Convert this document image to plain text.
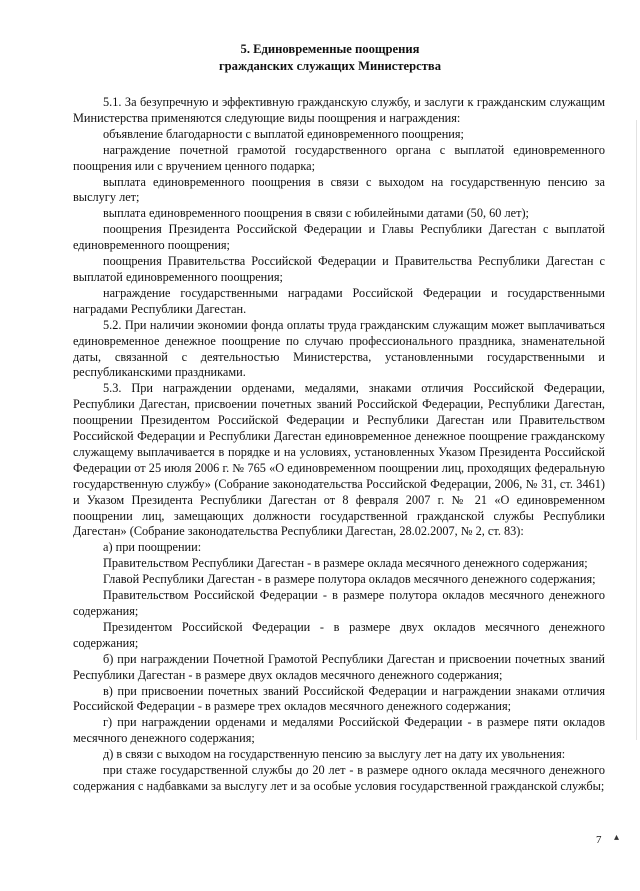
5. Единовременные поощрения
гражданских служащих Министерства

5.1. За безупречную и эффективную гражданскую службу, и заслуги к гражданским служащим Министерства применяются следующие виды поощрения и награждения:

объявление благодарности с выплатой единовременного поощрения;

награждение почетной грамотой государственного органа с выплатой единовременного поощрения или с вручением ценного подарка;

выплата единовременного поощрения в связи с выходом на государственную пенсию за выслугу лет;

выплата единовременного поощрения в связи с юбилейными датами (50, 60 лет);

поощрения Президента Российской Федерации и Главы Республики Дагестан с выплатой единовременного поощрения;

поощрения Правительства Российской Федерации и Правительства Республики Дагестан с выплатой единовременного поощрения;

награждение государственными наградами Российской Федерации и государственными наградами Республики Дагестан.

5.2. При наличии экономии фонда оплаты труда гражданским служащим может выплачиваться единовременное денежное поощрение по случаю профессионального праздника, знаменательной даты, связанной с деятельностью Министерства, установленными государственными и республиканскими праздниками.

5.3. При награждении орденами, медалями, знаками отличия Российской Федерации, Республики Дагестан, присвоении почетных званий Российской Федерации, Республики Дагестан, поощрении Президентом Российской Федерации и Республики Дагестан или Правительством Российской Федерации и Республики Дагестан единовременное денежное поощрение гражданскому служащему выплачивается в порядке и на условиях, установленных Указом Президента Российской Федерации от 25 июля 2006 г. № 765 «О единовременном поощрении лиц, проходящих федеральную государственную службу» (Собрание законодательства Российской Федерации, 2006, № 31, ст. 3461) и Указом Президента Республики Дагестан от 8 февраля 2007 г. № 21 «О единовременном поощрении лиц, замещающих должности государственной гражданской службы Республики Дагестан» (Собрание законодательства Республики Дагестан, 28.02.2007, № 2, ст. 83):

а) при поощрении:

Правительством Республики Дагестан - в размере оклада месячного денежного содержания;

Главой Республики Дагестан - в размере полутора окладов месячного денежного содержания;

Правительством Российской Федерации - в размере полутора окладов месячного денежного содержания;

Президентом Российской Федерации - в размере двух окладов месячного денежного содержания;

б) при награждении Почетной Грамотой Республики Дагестан и присвоении почетных званий Республики Дагестан - в размере двух окладов месячного денежного содержания;

в) при присвоении почетных званий Российской Федерации и награждении знаками отличия Российской Федерации - в размере трех окладов месячного денежного содержания;

г) при награждении орденами и медалями Российской Федерации - в размере пяти окладов месячного денежного содержания;

д) в связи с выходом на государственную пенсию за выслугу лет на дату их увольнения:

при стаже государственной службы до 20 лет - в размере одного оклада месячного денежного содержания с надбавками за выслугу лет и за особые условия государственной гражданской службы;

7 ▴
